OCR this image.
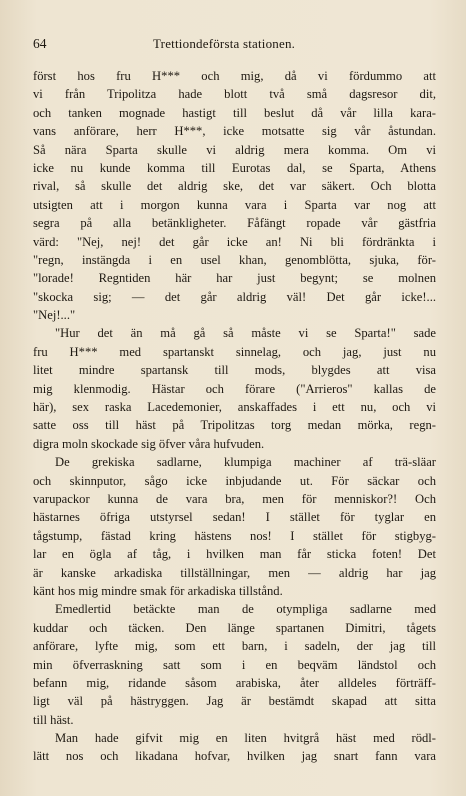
64	Trettiondeförsta stationen.
först hos fru H*** och mig, då vi fördummo att
vi från Tripolitza hade blott två små dagsresor dit,
och tanken mognade hastigt till beslut då vår lilla kara-
vans anförare, herr H***, icke motsatte sig vår åstundan.
Så nära Sparta skulle vi aldrig mera komma. Om vi
icke nu kunde komma till Eurotas dal, se Sparta, Athens
rival, så skulle det aldrig ske, det var säkert. Och blotta
utsigten att i morgon kunna vara i Sparta var nog att
segra på alla betänkligheter. Fåfängt ropade vår gästfria
värd: "Nej, nej! det går icke an! Ni bli fördränkta i
"regn, instängda i en usel khan, genomblötta, sjuka, för-
"lorade! Regntiden här har just begynt; se molnen
"skocka sig; — det går aldrig väl! Det går icke!...
"Nej!..."
"Hur det än må gå så måste vi se Sparta!" sade
fru H*** med spartanskt sinnelag, och jag, just nu
litet mindre spartansk till mods, blygdes att visa
mig klenmodig. Hästar och förare ("Arrieros" kallas de
här), sex raska Lacedemonier, anskaffades i ett nu, och vi
satte oss till häst på Tripolitzas torg medan mörka, regn-
digra moln skockade sig öfver våra hufvuden.
De grekiska sadlarne, klumpiga machiner af trä-släar
och skinnputor, sågo icke inbjudande ut. För säckar och
varupackor kunna de vara bra, men för menniskor?! Och
hästarnes öfriga utstyrsel sedan! I stället för tyglar en
tågstump, fästad kring hästens nos! I stället för stigbyg-
lar en ögla af tåg, i hvilken man får sticka foten! Det
är kanske arkadiska tillställningar, men — aldrig har jag
känt hos mig mindre smak för arkadiska tillstånd.
Emedlertid betäckte man de otympliga sadlarne med
kuddar och täcken. Den länge spartanen Dimitri, tågets
anförare, lyfte mig, som ett barn, i sadeln, der jag till
min öfverraskning satt som i en beqväm ländstol och
befann mig, ridande såsom arabiska, åter alldeles förträff-
ligt väl på hästryggen. Jag är bestämdt skapad att sitta
till häst.
Man hade gifvit mig en liten hvitgrå häst med rödl-
lätt nos och likadana hofvar, hvilken jag snart fann vara
